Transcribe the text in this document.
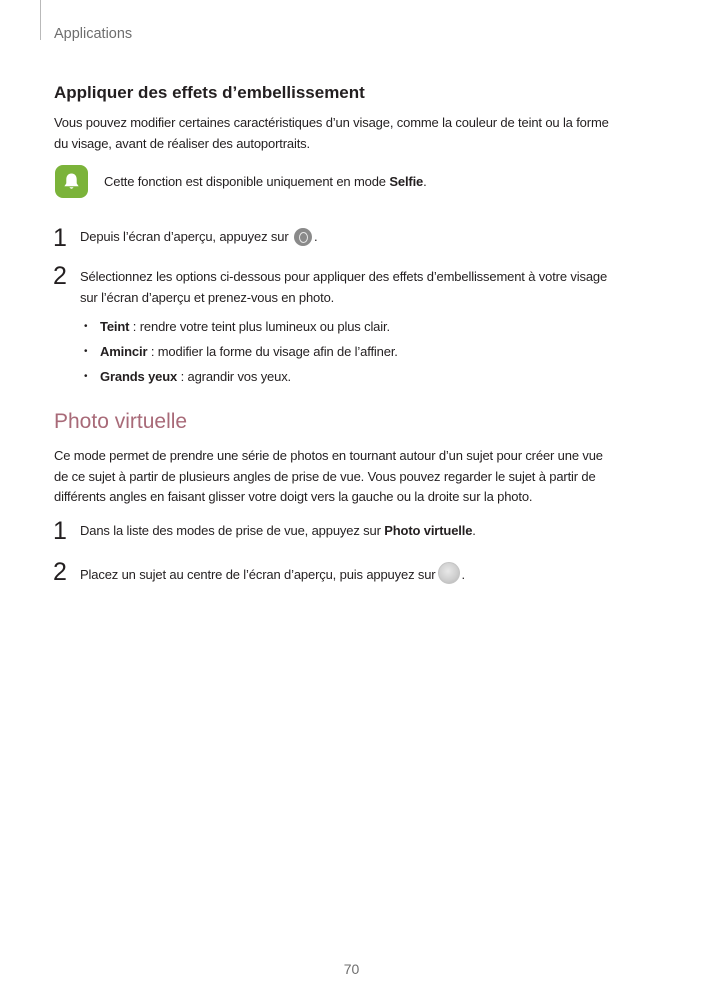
Applications
Appliquer des effets d’embellissement
Vous pouvez modifier certaines caractéristiques d’un visage, comme la couleur de teint ou la forme
du visage, avant de réaliser des autoportraits.
Cette fonction est disponible uniquement en mode Selfie.
1 Depuis l’écran d’aperçu, appuyez sur .
2 Sélectionnez les options ci-dessous pour appliquer des effets d’embellissement à votre visage
sur l’écran d’aperçu et prenez-vous en photo.
• Teint : rendre votre teint plus lumineux ou plus clair.
• Amincir : modifier la forme du visage afin de l’affiner.
• Grands yeux : agrandir vos yeux.
Photo virtuelle
Ce mode permet de prendre une série de photos en tournant autour d’un sujet pour créer une vue
de ce sujet à partir de plusieurs angles de prise de vue. Vous pouvez regarder le sujet à partir de
différents angles en faisant glisser votre doigt vers la gauche ou la droite sur la photo.
1 Dans la liste des modes de prise de vue, appuyez sur Photo virtuelle.
2 Placez un sujet au centre de l’écran d’aperçu, puis appuyez sur .
70
